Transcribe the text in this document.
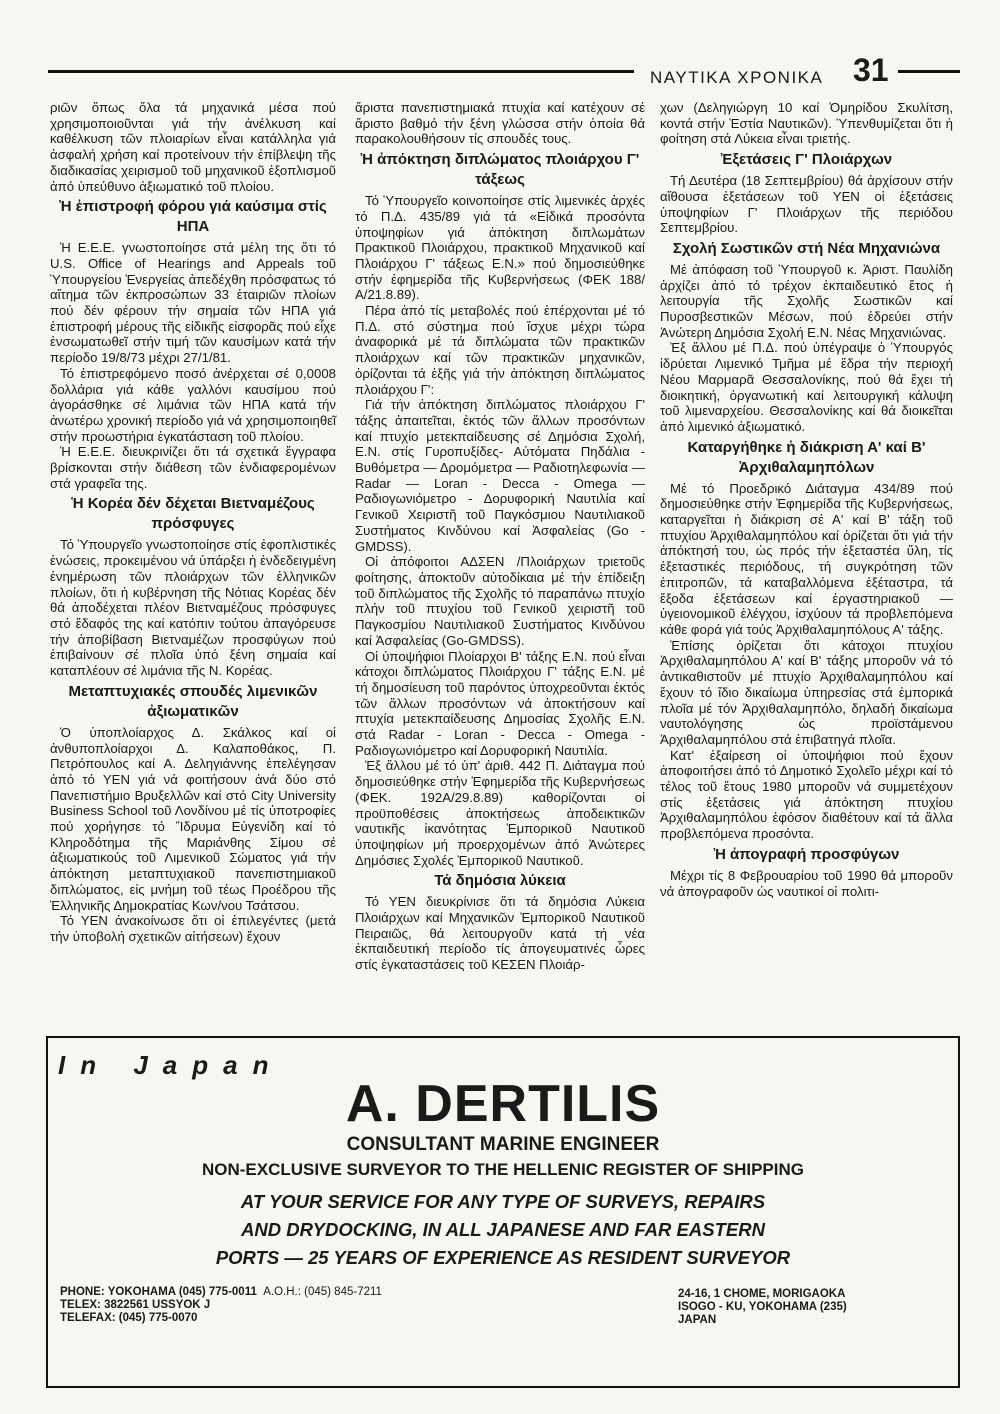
ΝΑΥΤΙΚΑ ΧΡΟΝΙΚΑ 31

ριῶν ὅπως ὅλα τά μηχανικά μέσα πού χρησιμοποιοῦνται γιά τήν ἀνέλκυση καί καθέλκυση τῶν πλοιαρίων εἶναι κατάλληλα γιά ἀσφαλή χρήση καί προτείνουν τήν ἐπίβλεψη τῆς διαδικασίας χειρισμοῦ τοῦ μηχανικοῦ ἐξοπλισμοῦ ἀπό ὑπεύθυνο ἀξιωματικό τοῦ πλοίου.

Ἡ ἐπιστροφή φόρου γιά καύσιμα στίς ΗΠΑ

Ἡ Ε.Ε.Ε. γνωστοποίησε στά μέλη της ὅτι τό U.S. Office of Hearings and Appeals τοῦ Ὑπουργείου Ἐνεργείας ἀπεδέχθη πρόσφατως τό αἴτημα τῶν ἐκπροσώπων 33 ἑταιριῶν πλοίων πού δέν φέρουν τήν σημαία τῶν ΗΠΑ γιά ἐπιστροφή μέρους τῆς εἰδικῆς εἰσφορᾶς πού εἶχε ἐνσωματωθεῖ στήν τιμή τῶν καυσίμων κατά τήν περίοδο 19/8/73 μέχρι 27/1/81.

Τό ἐπιστρεφόμενο ποσό ἀνέρχεται σέ 0,0008 δολλάρια γιά κάθε γαλλόνι καυσίμου πού ἀγοράσθηκε σέ λιμάνια τῶν ΗΠΑ κατά τήν ἀνωτέρω χρονική περίοδο γιά νά χρησιμοποιηθεῖ στήν προωστήρια ἐγκατάσταση τοῦ πλοίου.

Ἡ Ε.Ε.Ε. διευκρινίζει ὅτι τά σχετικά ἔγγραφα βρίσκονται στήν διάθεση τῶν ἐνδιαφερομένων στά γραφεῖα της.

Ἡ Κορέα δέν δέχεται Βιετναμέζους πρόσφυγες

Τό Ὑπουργεῖο γνωστοποίησε στίς ἐφοπλιστικές ἑνώσεις, προκειμένου νά ὑπάρξει ἡ ἐνδεδειγμένη ἐνημέρωση τῶν πλοιάρχων τῶν ἑλληνικῶν πλοίων, ὅτι ἡ κυβέρνηση τῆς Νότιας Κορέας δέν θά ἀποδέχεται πλέον Βιετναμέζους πρόσφυγες στό ἔδαφός της καί κατόπιν τούτου ἀπαγόρευσε τήν ἀποβίβαση Βιετναμέζων προσφύγων πού ἐπιβαίνουν σέ πλοῖα ὑπό ξένη σημαία καί καταπλέουν σέ λιμάνια τῆς Ν. Κορέας.

Μεταπτυχιακές σπουδές λιμενικῶν ἀξιωματικῶν

Ὁ ὑποπλοίαρχος Δ. Σκάλκος καί οἱ ἀνθυποπλοίαρχοι Δ. Καλαποθάκος, Π. Πετρόπουλος καί Α. Δεληγιάννης ἐπελέγησαν ἀπό τό ΥΕΝ γιά νά φοιτήσουν ἀνά δύο στό Πανεπιστήμιο Βρυξελλῶν καί στό City University Business School τοῦ Λονδίνου μέ τίς ὑποτροφίες πού χορήγησε τό Ἵδρυμα Εὐγενίδη καί τό Κληροδότημα τῆς Μαριάνθης Σίμου σέ ἀξιωματικούς τοῦ Λιμενικοῦ Σώματος γιά τήν ἀπόκτηση μεταπτυχιακοῦ πανεπιστημιακοῦ διπλώματος, εἰς μνήμη τοῦ τέως Προέδρου τῆς Ἑλληνικῆς Δημοκρατίας Κων/νου Τσάτσου.

Τό ΥΕΝ ἀνακοίνωσε ὅτι οἱ ἐπιλεγέντες (μετά τήν ὑποβολή σχετικῶν αἰτήσεων) ἔχουν

ἄριστα πανεπιστημιακά πτυχία καί κατέχουν σέ ἄριστο βαθμό τήν ξένη γλώσσα στήν ὁποία θά παρακολουθήσουν τίς σπουδές τους.

Ἡ ἀπόκτηση διπλώματος πλοιάρχου Γ' τάξεως

Τό Ὑπουργεῖο κοινοποίησε στίς λιμενικές ἀρχές τό Π.Δ. 435/89 γιά τά «Εἰδικά προσόντα ὑποψηφίων γιά ἀπόκτηση διπλωμάτων Πρακτικοῦ Πλοιάρχου, πρακτικοῦ Μηχανικοῦ καί Πλοιάρχου Γ' τάξεως Ε.Ν.» πού δημοσιεύθηκε στήν ἐφημερίδα τῆς Κυβερνήσεως (ΦΕΚ 188/Α/21.8.89).

Πέρα ἀπό τίς μεταβολές πού ἐπέρχονται μέ τό Π.Δ. στό σύστημα πού ἴσχυε μέχρι τώρα ἀναφορικά μέ τά διπλώματα τῶν πρακτικῶν πλοιάρχων καί τῶν πρακτικῶν μηχανικῶν, ὁρίζονται τά ἑξῆς γιά τήν ἀπόκτηση διπλώματος πλοιάρχου Γ':

Γιά τήν ἀπόκτηση διπλώματος πλοιάρχου Γ' τάξης ἀπαιτεῖται, ἐκτός τῶν ἄλλων προσόντων καί πτυχίο μετεκπαίδευσης σέ Δημόσια Σχολή, Ε.Ν. στίς Γυροπυξίδες- Αὐτόματα Πηδάλια - Βυθόμετρα — Δρομόμετρα — Ραδιοτηλεφωνία — Radar — Loran - Decca - Omega — Ραδιογωνιόμετρο - Δορυφορική Ναυτιλία καί Γενικοῦ Χειριστῆ τοῦ Παγκόσμιου Ναυτιλιακοῦ Συστήματος Κινδύνου καί Ἀσφαλείας (Go - GMDSS).

Οἱ ἀπόφοιτοι ΑΔΣΕΝ /Πλοιάρχων τριετοῦς φοίτησης, ἀποκτοῦν αὐτοδίκαια μέ τήν ἐπίδειξη τοῦ διπλώματος τῆς Σχολῆς τό παραπάνω πτυχίο πλήν τοῦ πτυχίου τοῦ Γενικοῦ χειριστῆ τοῦ Παγκοσμίου Ναυτιλιακοῦ Συστήματος Κινδύνου καί Ἀσφαλείας (Go-GMDSS).

Οἱ ὑποψήφιοι Πλοίαρχοι Β' τάξης Ε.Ν. πού εἶναι κάτοχοι διπλώματος Πλοιάρχου Γ' τάξης Ε.Ν. μέ τή δημοσίευση τοῦ παρόντος ὑποχρεοῦνται ἐκτός τῶν ἄλλων προσόντων νά ἀποκτήσουν καί πτυχία μετεκπαίδευσης Δημοσίας Σχολῆς Ε.Ν. στά Radar - Loran - Decca - Omega - Ραδιογωνιόμετρο καί Δορυφορική Ναυτιλία.

Ἐξ ἄλλου μέ τό ὑπ' ἀριθ. 442 Π. Διάταγμα πού δημοσιεύθηκε στήν Ἐφημερίδα τῆς Κυβερνήσεως (ΦΕΚ. 192Α/29.8.89) καθορίζονται οἱ προϋποθέσεις ἀποκτήσεως ἀποδεικτικῶν ναυτικῆς ἱκανότητας Ἐμπορικοῦ Ναυτικοῦ ὑποψηφίων μή προερχομένων ἀπό Ἀνώτερες Δημόσιες Σχολές Ἐμπορικοῦ Ναυτικοῦ.

Τά δημόσια λύκεια

Τό ΥΕΝ διευκρίνισε ὅτι τά δημόσια Λύκεια Πλοιάρχων καί Μηχανικῶν Ἐμπορικοῦ Ναυτικοῦ Πειραιῶς, θά λειτουργοῦν κατά τή νέα ἐκπαιδευτική περίοδο τίς ἀπογευματινές ὧρες στίς ἐγκαταστάσεις τοῦ ΚΕΣΕΝ Πλοιάρ-

χων (Δεληγιώργη 10 καί Ὀμηρίδου Σκυλίτση, κοντά στήν Ἑστία Ναυτικῶν). Ὑπενθυμίζεται ὅτι ἡ φοίτηση στά Λύκεια εἶναι τριετής.

Ἐξετάσεις Γ' Πλοιάρχων

Τή Δευτέρα (18 Σεπτεμβρίου) θά ἀρχίσουν στήν αἴθουσα ἐξετάσεων τοῦ ΥΕΝ οἱ ἐξετάσεις ὑποψηφίων Γ' Πλοιάρχων τῆς περιόδου Σεπτεμβρίου.

Σχολή Σωστικῶν στή Νέα Μηχανιώνα

Μέ ἀπόφαση τοῦ Ὑπουργοῦ κ. Ἀριστ. Παυλίδη ἀρχίζει ἀπό τό τρέχον ἐκπαιδευτικό ἔτος ἡ λειτουργία τῆς Σχολῆς Σωστικῶν καί Πυροσβεστικῶν Μέσων, πού ἑδρεύει στήν Ἀνώτερη Δημόσια Σχολή Ε.Ν. Νέας Μηχανιώνας.

Ἐξ ἄλλου μέ Π.Δ. πού ὑπέγραψε ὁ Ὑπουργός ἱδρύεται Λιμενικό Τμῆμα μέ ἕδρα τήν περιοχή Νέου Μαρμαρᾶ Θεσσαλονίκης, πού θά ἔχει τή διοικητική, ὀργανωτική καί λειτουργική κάλυψη τοῦ λιμεναρχείου. Θεσσαλονίκης καί θά διοικεῖται ἀπό λιμενικό ἀξιωματικό.

Καταργήθηκε ἡ διάκριση Α' καί Β' Ἀρχιθαλαμηπόλων

Μέ τό Προεδρικό Διάταγμα 434/89 πού δημοσιεύθηκε στήν Ἐφημερίδα τῆς Κυβερνήσεως, καταργεῖται ἡ διάκριση σέ Α' καί Β' τάξη τοῦ πτυχίου Ἀρχιθαλαμηπόλου καί ὁρίζεται ὅτι γιά τήν ἀπόκτησή του, ὡς πρός τήν ἐξεταστέα ὕλη, τίς ἐξεταστικές περιόδους, τή συγκρότηση τῶν ἐπιτροπῶν, τά καταβαλλόμενα ἐξέταστρα, τά ἔξοδα ἐξετάσεων καί ἐργαστηριακοῦ — ὑγειονομικοῦ ἐλέγχου, ἰσχύουν τά προβλεπόμενα κάθε φορά γιά τούς Ἀρχιθαλαμηπόλους Α' τάξης.

Ἐπίσης ὁρίζεται ὅτι κάτοχοι πτυχίου Ἀρχιθαλαμηπόλου Α' καί Β' τάξης μποροῦν νά τό ἀντικαθιστοῦν μέ πτυχίο Ἀρχιθαλαμηπόλου καί ἔχουν τό ἴδιο δικαίωμα ὑπηρεσίας στά ἐμπορικά πλοῖα μέ τόν Ἀρχιθαλαμηπόλο, δηλαδή δικαίωμα ναυτολόγησης ὡς προϊστάμενου Ἀρχιθαλαμηπόλου στά ἐπιβατηγά πλοῖα.

Κατ' ἐξαίρεση οἱ ὑποψήφιοι πού ἔχουν ἀποφοιτήσει ἀπό τό Δημοτικό Σχολεῖο μέχρι καί τό τέλος τοῦ ἔτους 1980 μποροῦν νά συμμετέχουν στίς ἐξετάσεις γιά ἀπόκτηση πτυχίου Ἀρχιθαλαμηπόλου ἐφόσον διαθέτουν καί τά ἄλλα προβλεπόμενα προσόντα.

Ἡ ἀπογραφή προσφύγων

Μέχρι τίς 8 Φεβρουαρίου τοῦ 1990 θά μποροῦν νά ἀπογραφοῦν ὡς ναυτικοί οἱ πολιτι-

In Japan
A. DERTILIS
CONSULTANT MARINE ENGINEER
NON-EXCLUSIVE SURVEYOR TO THE HELLENIC REGISTER OF SHIPPING
AT YOUR SERVICE FOR ANY TYPE OF SURVEYS, REPAIRS
AND DRYDOCKING, IN ALL JAPANESE AND FAR EASTERN
PORTS — 25 YEARS OF EXPERIENCE AS RESIDENT SURVEYOR
PHONE: YOKOHAMA (045) 775-0011 A.O.H.: (045) 845-7211
TELEX: 3822561 USSYOK J
TELEFAX: (045) 775-0070
24-16, 1 CHOME, MORIGAOKA
ISOGO - KU, YOKOHAMA (235)
JAPAN
